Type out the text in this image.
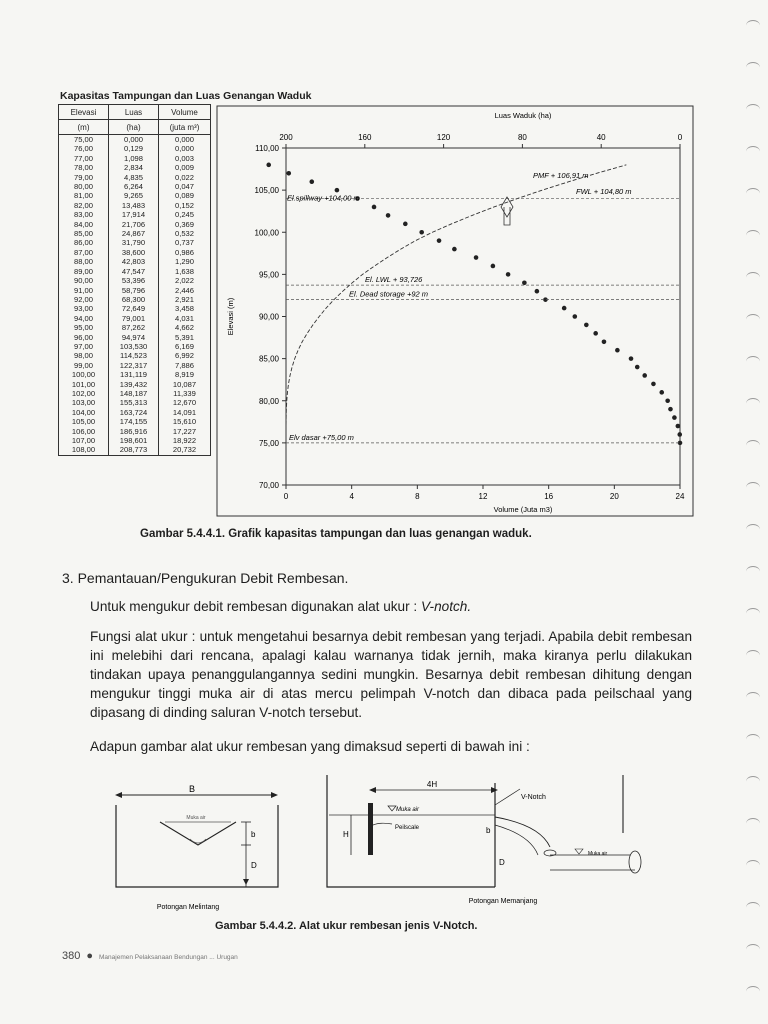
Kapasitas Tampungan dan Luas Genangan Waduk
Elevasi	Luas	Volume
(m)	(ha)	(juta m³)
75,00	0,000	0,000
76,00	0,129	0,000
77,00	1,098	0,003
78,00	2,834	0,009
79,00	4,835	0,022
80,00	6,264	0,047
81,00	9,265	0,089
82,00	13,483	0,152
83,00	17,914	0,245
84,00	21,706	0,369
85,00	24,867	0,532
86,00	31,790	0,737
87,00	38,600	0,986
88,00	42,803	1,290
89,00	47,547	1,638
90,00	53,396	2,022
91,00	58,796	2,446
92,00	68,300	2,921
93,00	72,649	3,458
94,00	79,001	4,031
95,00	87,262	4,662
96,00	94,974	5,391
97,00	103,530	6,169
98,00	114,523	6,992
99,00	122,317	7,886
100,00	131,119	8,919
101,00	139,432	10,087
102,00	148,187	11,339
103,00	155,313	12,670
104,00	163,724	14,091
105,00	174,155	15,610
106,00	186,916	17,227
107,00	198,601	18,922
108,00	208,773	20,732
0	4	8	12	16	20	24
200	160	120	80	40	0
70,00
75,00
80,00
85,00
90,00
95,00
100,00
105,00
110,00
Luas Waduk (ha)
Volume (Juta m3)
Elevasi (m)
PMF + 106,91 m
FWL + 104,80 m
El.spillway +104,00 m
El. LWL + 93,726
El. Dead storage +92 m
Elv dasar +75,00 m
Gambar 5.4.4.1. Grafik kapasitas tampungan dan luas genangan waduk.
3. Pemantauan/Pengukuran Debit Rembesan.
Untuk mengukur debit rembesan digunakan alat ukur : V-notch.
Fungsi alat ukur : untuk mengetahui besarnya debit rembesan yang terjadi. Apabila debit rembesan ini melebihi dari rencana, apalagi kalau warnanya tidak jernih, maka kiranya perlu dilakukan tindakan upaya penanggulangannya sedini mungkin. Besarnya debit rembesan dihitung dengan mengukur tinggi muka air di atas mercu pelimpah V-notch dan dibaca pada peilschaal yang dipasang di dinding saluran V-notch tersebut.
Adapun gambar alat ukur rembesan yang dimaksud seperti di bawah ini :
B
Muka air
b
D
Potongan Melintang
4H
Muka air
Peilscale
H	b
D
V-Notch
Muka air
Potongan Memanjang
Gambar 5.4.4.2. Alat ukur rembesan jenis V-Notch.
380 ● Manajemen Pelaksanaan Bendungan ... Urugan
